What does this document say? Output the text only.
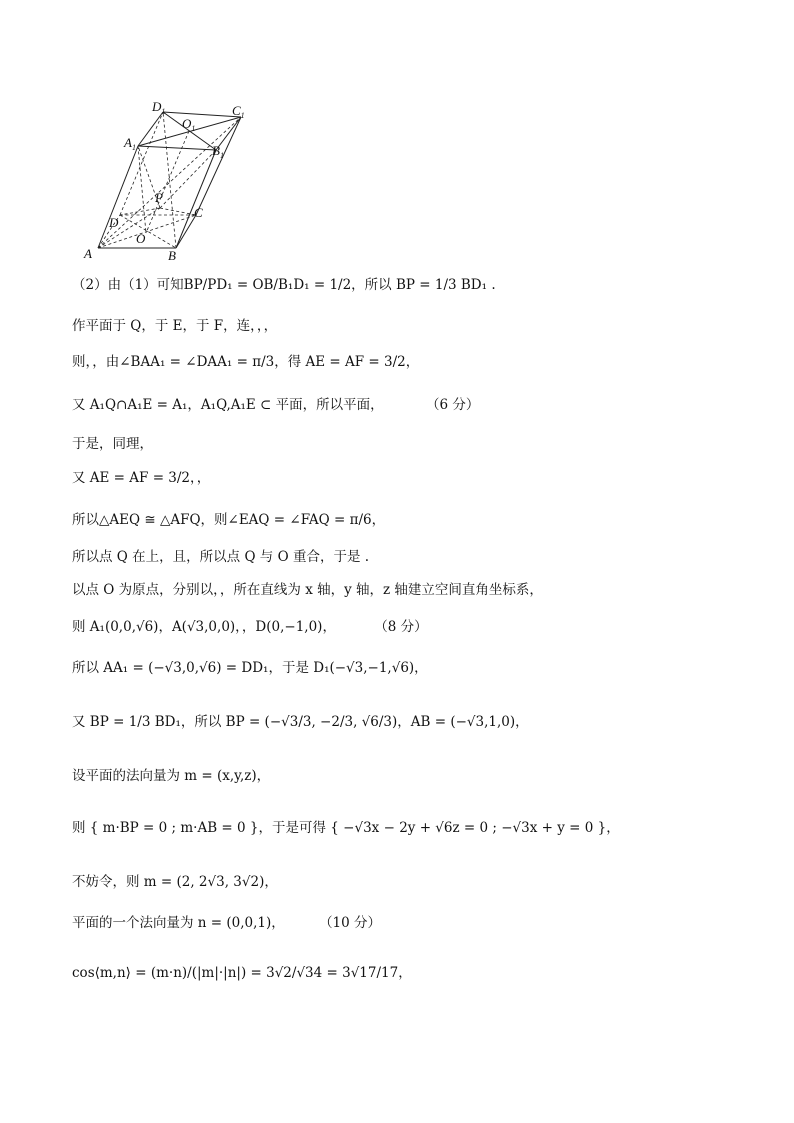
$D_1$	$C_1$
$A_1$	$B_1$
$O_1$
P
D
C
O
A	B
（2）由（1）可知BP/PD₁ = OB/B₁D₁ = 1/2，所以 BP = 1/3 BD₁ .
作平面于 Q，于 E，于 F，连，，，
则，，由∠BAA₁ = ∠DAA₁ = π/3，得 AE = AF = 3/2，
又 A₁Q∩A₁E = A₁，A₁Q,A₁E ⊂ 平面，所以平面，	（6 分）
于是，同理，
又 AE = AF = 3/2，，
所以△AEQ ≅ △AFQ，则∠EAQ = ∠FAQ = π/6，
所以点 Q 在上，且，所以点 Q 与 O 重合，于是 .
以点 O 为原点，分别以，，所在直线为 x 轴，y 轴，z 轴建立空间直角坐标系，
则 A₁(0,0,√6)，A(√3,0,0)，，D(0,−1,0)，	（8 分）
所以 AA₁ = (−√3,0,√6) = DD₁，于是 D₁(−√3,−1,√6)，
又 BP = 1/3 BD₁，所以 BP = (−√3/3, −2/3, √6/3)，AB = (−√3,1,0)，
设平面的法向量为 m = (x,y,z)，
则 { m·BP = 0 ; m·AB = 0 }，于是可得 { −√3x − 2y + √6z = 0 ; −√3x + y = 0 }，
不妨令，则 m = (2, 2√3, 3√2)，
平面的一个法向量为 n = (0,0,1)，	（10 分）
cos⟨m,n⟩ = (m·n)/(|m|·|n|) = 3√2/√34 = 3√17/17，
